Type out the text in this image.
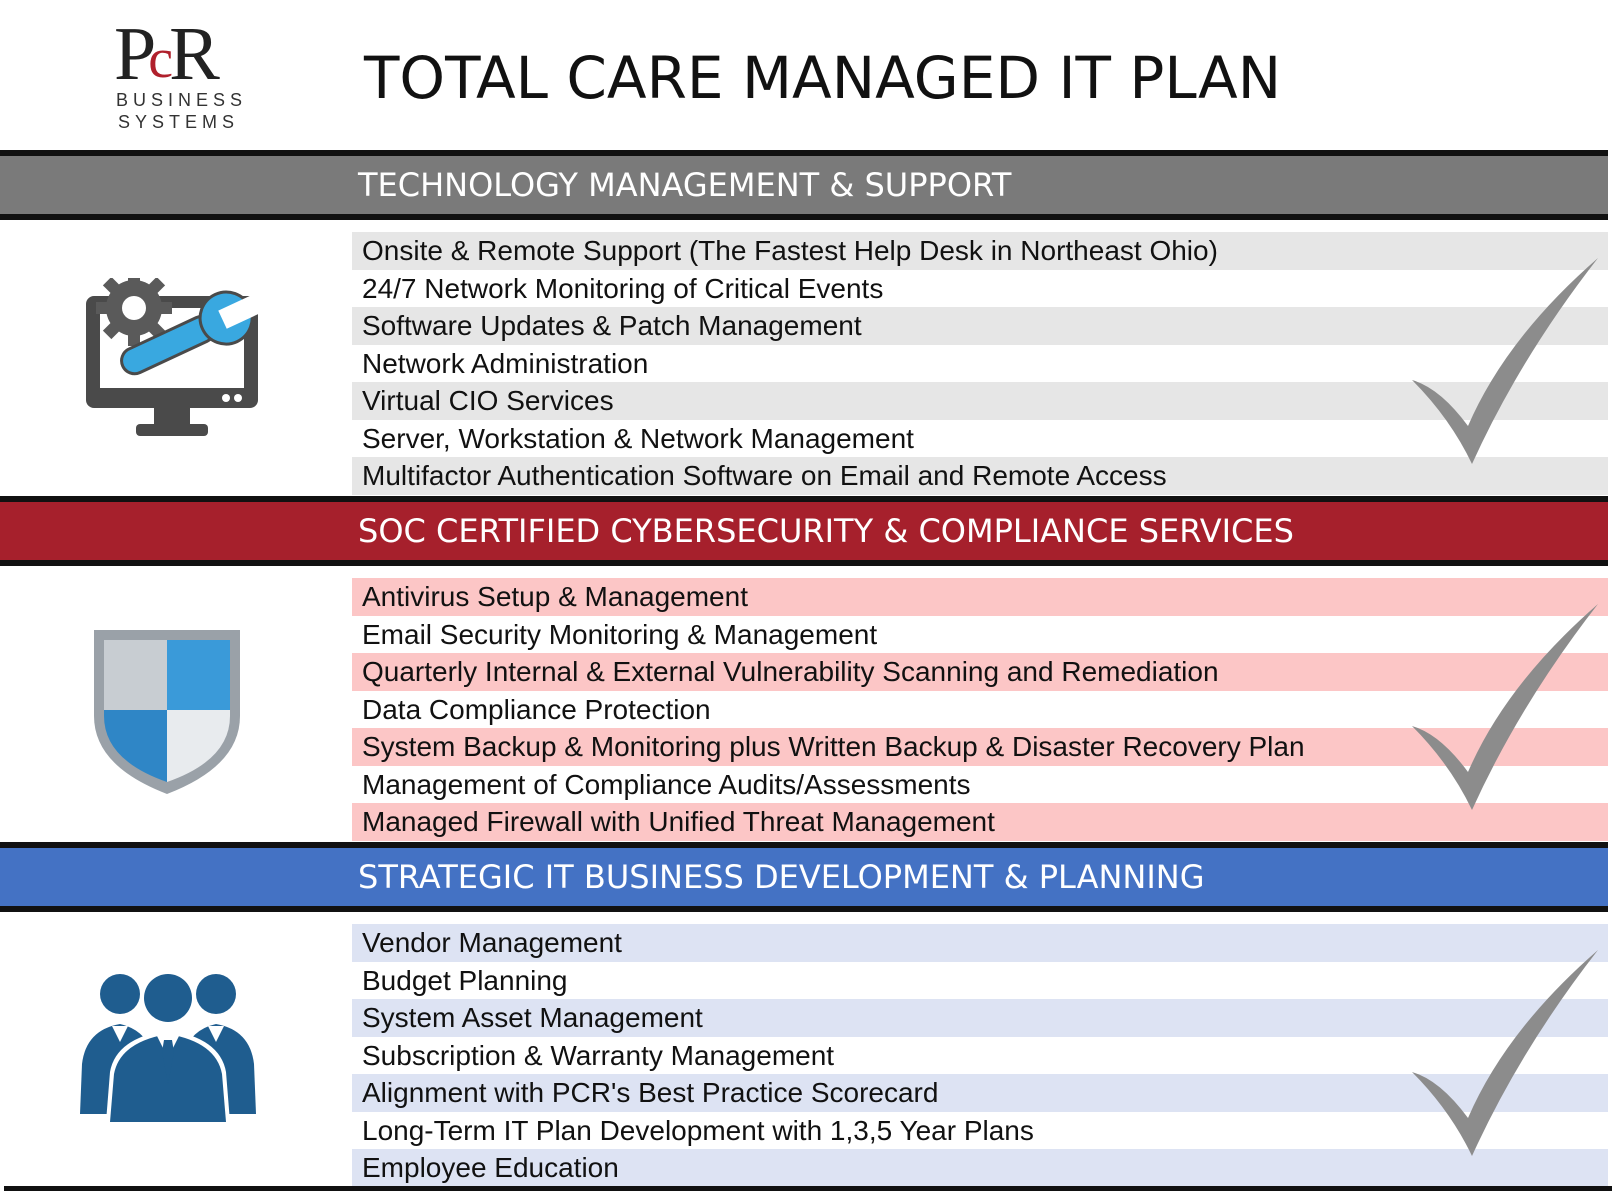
PcR
BUSINESS
SYSTEMS
TOTAL CARE MANAGED IT PLAN
TECHNOLOGY MANAGEMENT & SUPPORT
Onsite & Remote Support (The Fastest Help Desk in Northeast Ohio)
24/7 Network Monitoring of Critical Events
Software Updates & Patch Management
Network Administration
Virtual CIO Services
Server, Workstation & Network Management
Multifactor Authentication Software on Email and Remote Access
SOC CERTIFIED CYBERSECURITY & COMPLIANCE SERVICES
Antivirus Setup & Management
Email Security Monitoring & Management
Quarterly Internal & External Vulnerability Scanning and Remediation
Data Compliance Protection
System Backup & Monitoring plus Written Backup & Disaster Recovery Plan
Management of Compliance Audits/Assessments
Managed Firewall with Unified Threat Management
STRATEGIC IT BUSINESS DEVELOPMENT & PLANNING
Vendor Management
Budget Planning
System Asset Management
Subscription & Warranty Management
Alignment with PCR's Best Practice Scorecard
Long-Term IT Plan Development with 1,3,5 Year Plans
Employee Education
